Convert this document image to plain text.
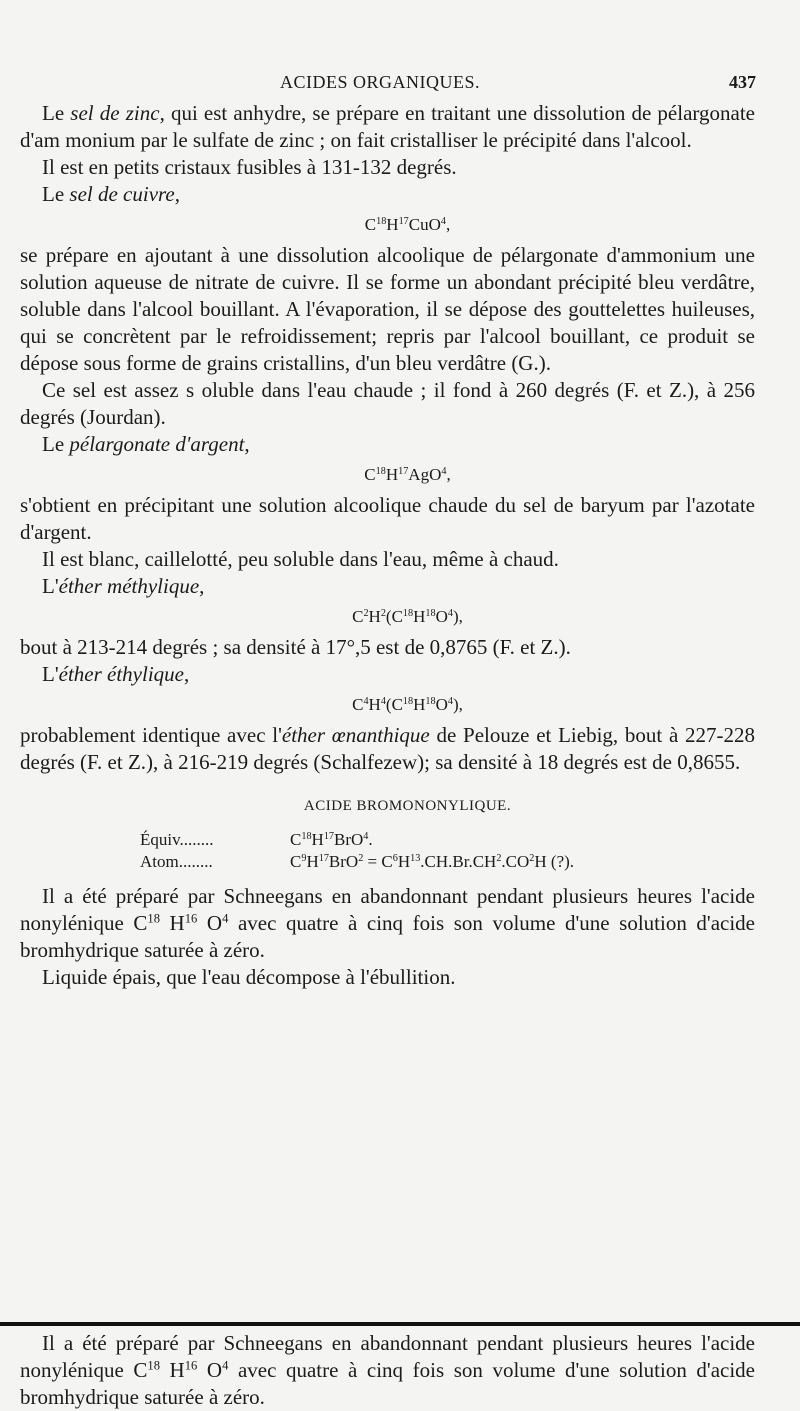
ACIDES ORGANIQUES.	437

Le sel de zinc, qui est anhydre, se prépare en traitant une dissolution de pélargonate d'am monium par le sulfate de zinc ; on fait cristalliser le précipité dans l'alcool.

Il est en petits cristaux fusibles à 131-132 degrés.

Le sel de cuivre,

$C^{18}H^{17}CuO^4$,

se prépare en ajoutant à une dissolution alcoolique de pélargonate d'ammonium une solution aqueuse de nitrate de cuivre. Il se forme un abondant précipité bleu verdâtre, soluble dans l'alcool bouillant. A l'évaporation, il se dépose des gouttelettes huileuses, qui se concrètent par le refroidissement; repris par l'alcool bouillant, ce produit se dépose sous forme de grains cristallins, d'un bleu verdâtre (G.).

Ce sel est assez s oluble dans l'eau chaude ; il fond à 260 degrés (F. et Z.), à 256 degrés (Jourdan).

Le pélargonate d'argent,

$C^{18}H^{17}AgO^4$,

s'obtient en précipitant une solution alcoolique chaude du sel de baryum par l'azotate d'argent.

Il est blanc, caillelotté, peu soluble dans l'eau, même à chaud.

L'éther méthylique,

$C^2H^2(C^{18}H^{18}O^4)$,

bout à 213-214 degrés ; sa densité à 17°,5 est de 0,8765 (F. et Z.).

L'éther éthylique,

$C^4H^4(C^{18}H^{18}O^4)$,

probablement identique avec l'éther œnanthique de Pelouze et Liebig, bout à 227-228 degrés (F. et Z.), à 216-219 degrés (Schalfezew); sa densité à 18 degrés est de 0,8655.

ACIDE BROMONONYLIQUE.
Équiv........	$C^{18}H^{17}BrO^4$.
Atom........	$C^9H^{17}BrO^2 = C^6H^{13}.CH.Br.CH^2.CO^2H$ (?).

Il a été préparé par Schneegans en abandonnant pendant plusieurs heures l'acide nonylénique $C^{18}$ $H^{16}$ $O^4$ avec quatre à cinq fois son volume d'une solution d'acide bromhydrique saturée à zéro.

Liquide épais, que l'eau décompose à l'ébullition.

Il a été préparé par Schneegans en abandonnant pendant plusieurs heures l'acide nonylénique $C^{18}$ $H^{16}$ $O^4$ avec quatre à cinq fois son volume d'une solution d'acide bromhydrique saturée à zéro.
